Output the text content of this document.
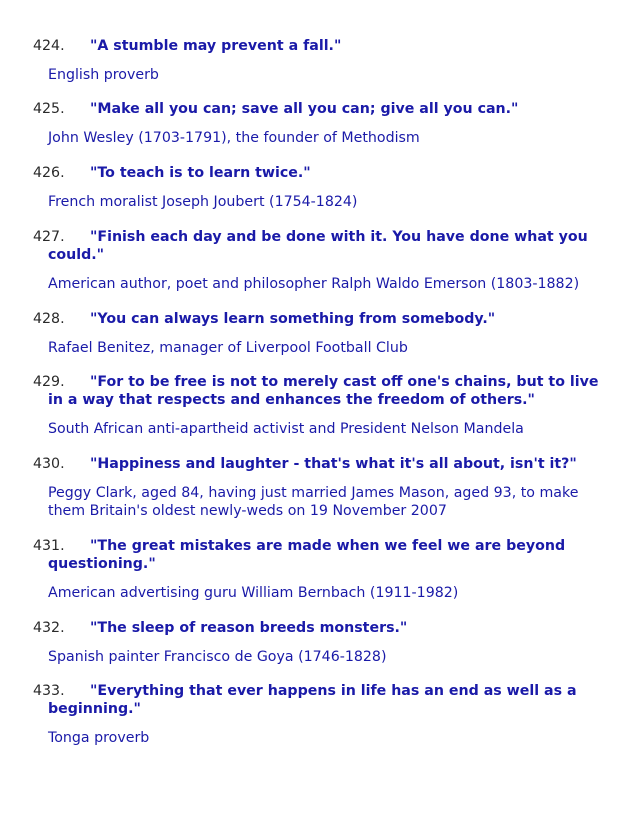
424.	"A stumble may prevent a fall."
English proverb
425.	"Make all you can; save all you can; give all you can."
John Wesley (1703-1791), the founder of Methodism
426.	"To teach is to learn twice."
French moralist Joseph Joubert (1754-1824)
427.	"Finish each day and be done with it. You have done what you could."
American author, poet and philosopher Ralph Waldo Emerson (1803-1882)
428.	"You can always learn something from somebody."
Rafael Benitez, manager of Liverpool Football Club
429.	"For to be free is not to merely cast off one's chains, but to live in a way that respects and enhances the freedom of others."
South African anti-apartheid activist and President Nelson Mandela
430.	"Happiness and laughter - that's what it's all about, isn't it?"
Peggy Clark, aged 84, having just married James Mason, aged 93, to make them Britain's oldest newly-weds on 19 November 2007
431.	"The great mistakes are made when we feel we are beyond questioning."
American advertising guru William Bernbach (1911-1982)
432.	"The sleep of reason breeds monsters."
Spanish painter Francisco de Goya (1746-1828)
433.	"Everything that ever happens in life has an end as well as a beginning."
Tonga proverb
